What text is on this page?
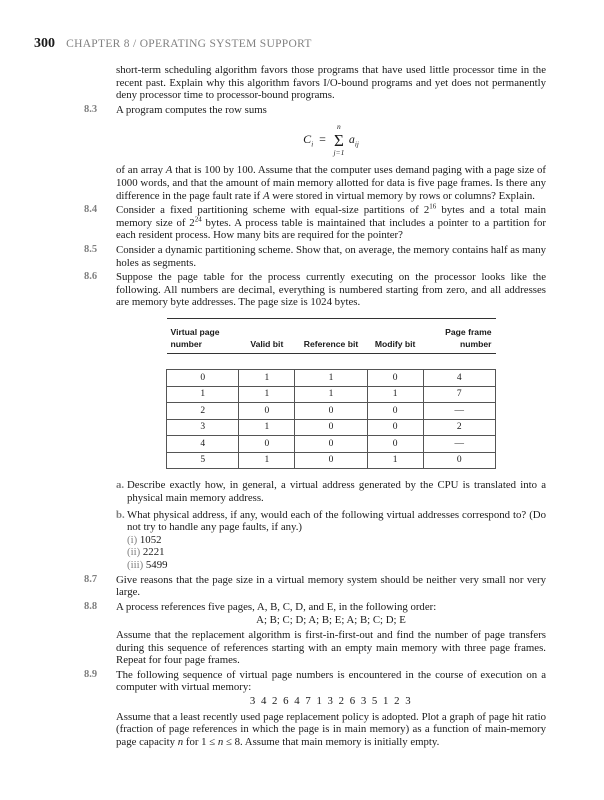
300 CHAPTER 8 / OPERATING SYSTEM SUPPORT

short-term scheduling algorithm favors those programs that have used little processor time in the recent past. Explain why this algorithm favors I/O-bound programs and yet does not permanently deny processor time to processor-bound programs.

8.3 A program computes the row sums

$C_i$ =
n
Σ
j=1
$a_{ij}$

of an array A that is 100 by 100. Assume that the computer uses demand paging with a page size of 1000 words, and that the amount of main memory allotted for data is five page frames. Is there any difference in the page fault rate if A were stored in virtual memory by rows or columns? Explain.

8.4 Consider a fixed partitioning scheme with equal-size partitions of $2^{16}$ bytes and a total main memory size of $2^{24}$ bytes. A process table is maintained that includes a pointer to a partition for each resident process. How many bits are required for the pointer?

8.5 Consider a dynamic partitioning scheme. Show that, on average, the memory contains half as many holes as segments.

8.6 Suppose the page table for the process currently executing on the processor looks like the following. All numbers are decimal, everything is numbered starting from zero, and all addresses are memory byte addresses. The page size is 1024 bytes.

Virtual page number	Valid bit	Reference bit	Modify bit	Page frame number

0	1	1	0	4
1	1	1	1	7
2	0	0	0	—
3	1	0	0	2
4	0	0	0	—
5	1	0	1	0
a. Describe exactly how, in general, a virtual address generated by the CPU is translated into a physical main memory address.
b. What physical address, if any, would each of the following virtual addresses correspond to? (Do not try to handle any page faults, if any.)
(i) 1052
(ii) 2221
(iii) 5499
8.7 Give reasons that the page size in a virtual memory system should be neither very small nor very large.

8.8 A process references five pages, A, B, C, D, and E, in the following order:

A; B; C; D; A; B; E; A; B; C; D; E

Assume that the replacement algorithm is first-in-first-out and find the number of page transfers during this sequence of references starting with an empty main memory with three page frames. Repeat for four page frames.

8.9 The following sequence of virtual page numbers is encountered in the course of execution on a computer with virtual memory:

3 4 2 6 4 7 1 3 2 6 3 5 1 2 3

Assume that a least recently used page replacement policy is adopted. Plot a graph of page hit ratio (fraction of page references in which the page is in main memory) as a function of main-memory page capacity n for 1 ≤ n ≤ 8. Assume that main memory is initially empty.
